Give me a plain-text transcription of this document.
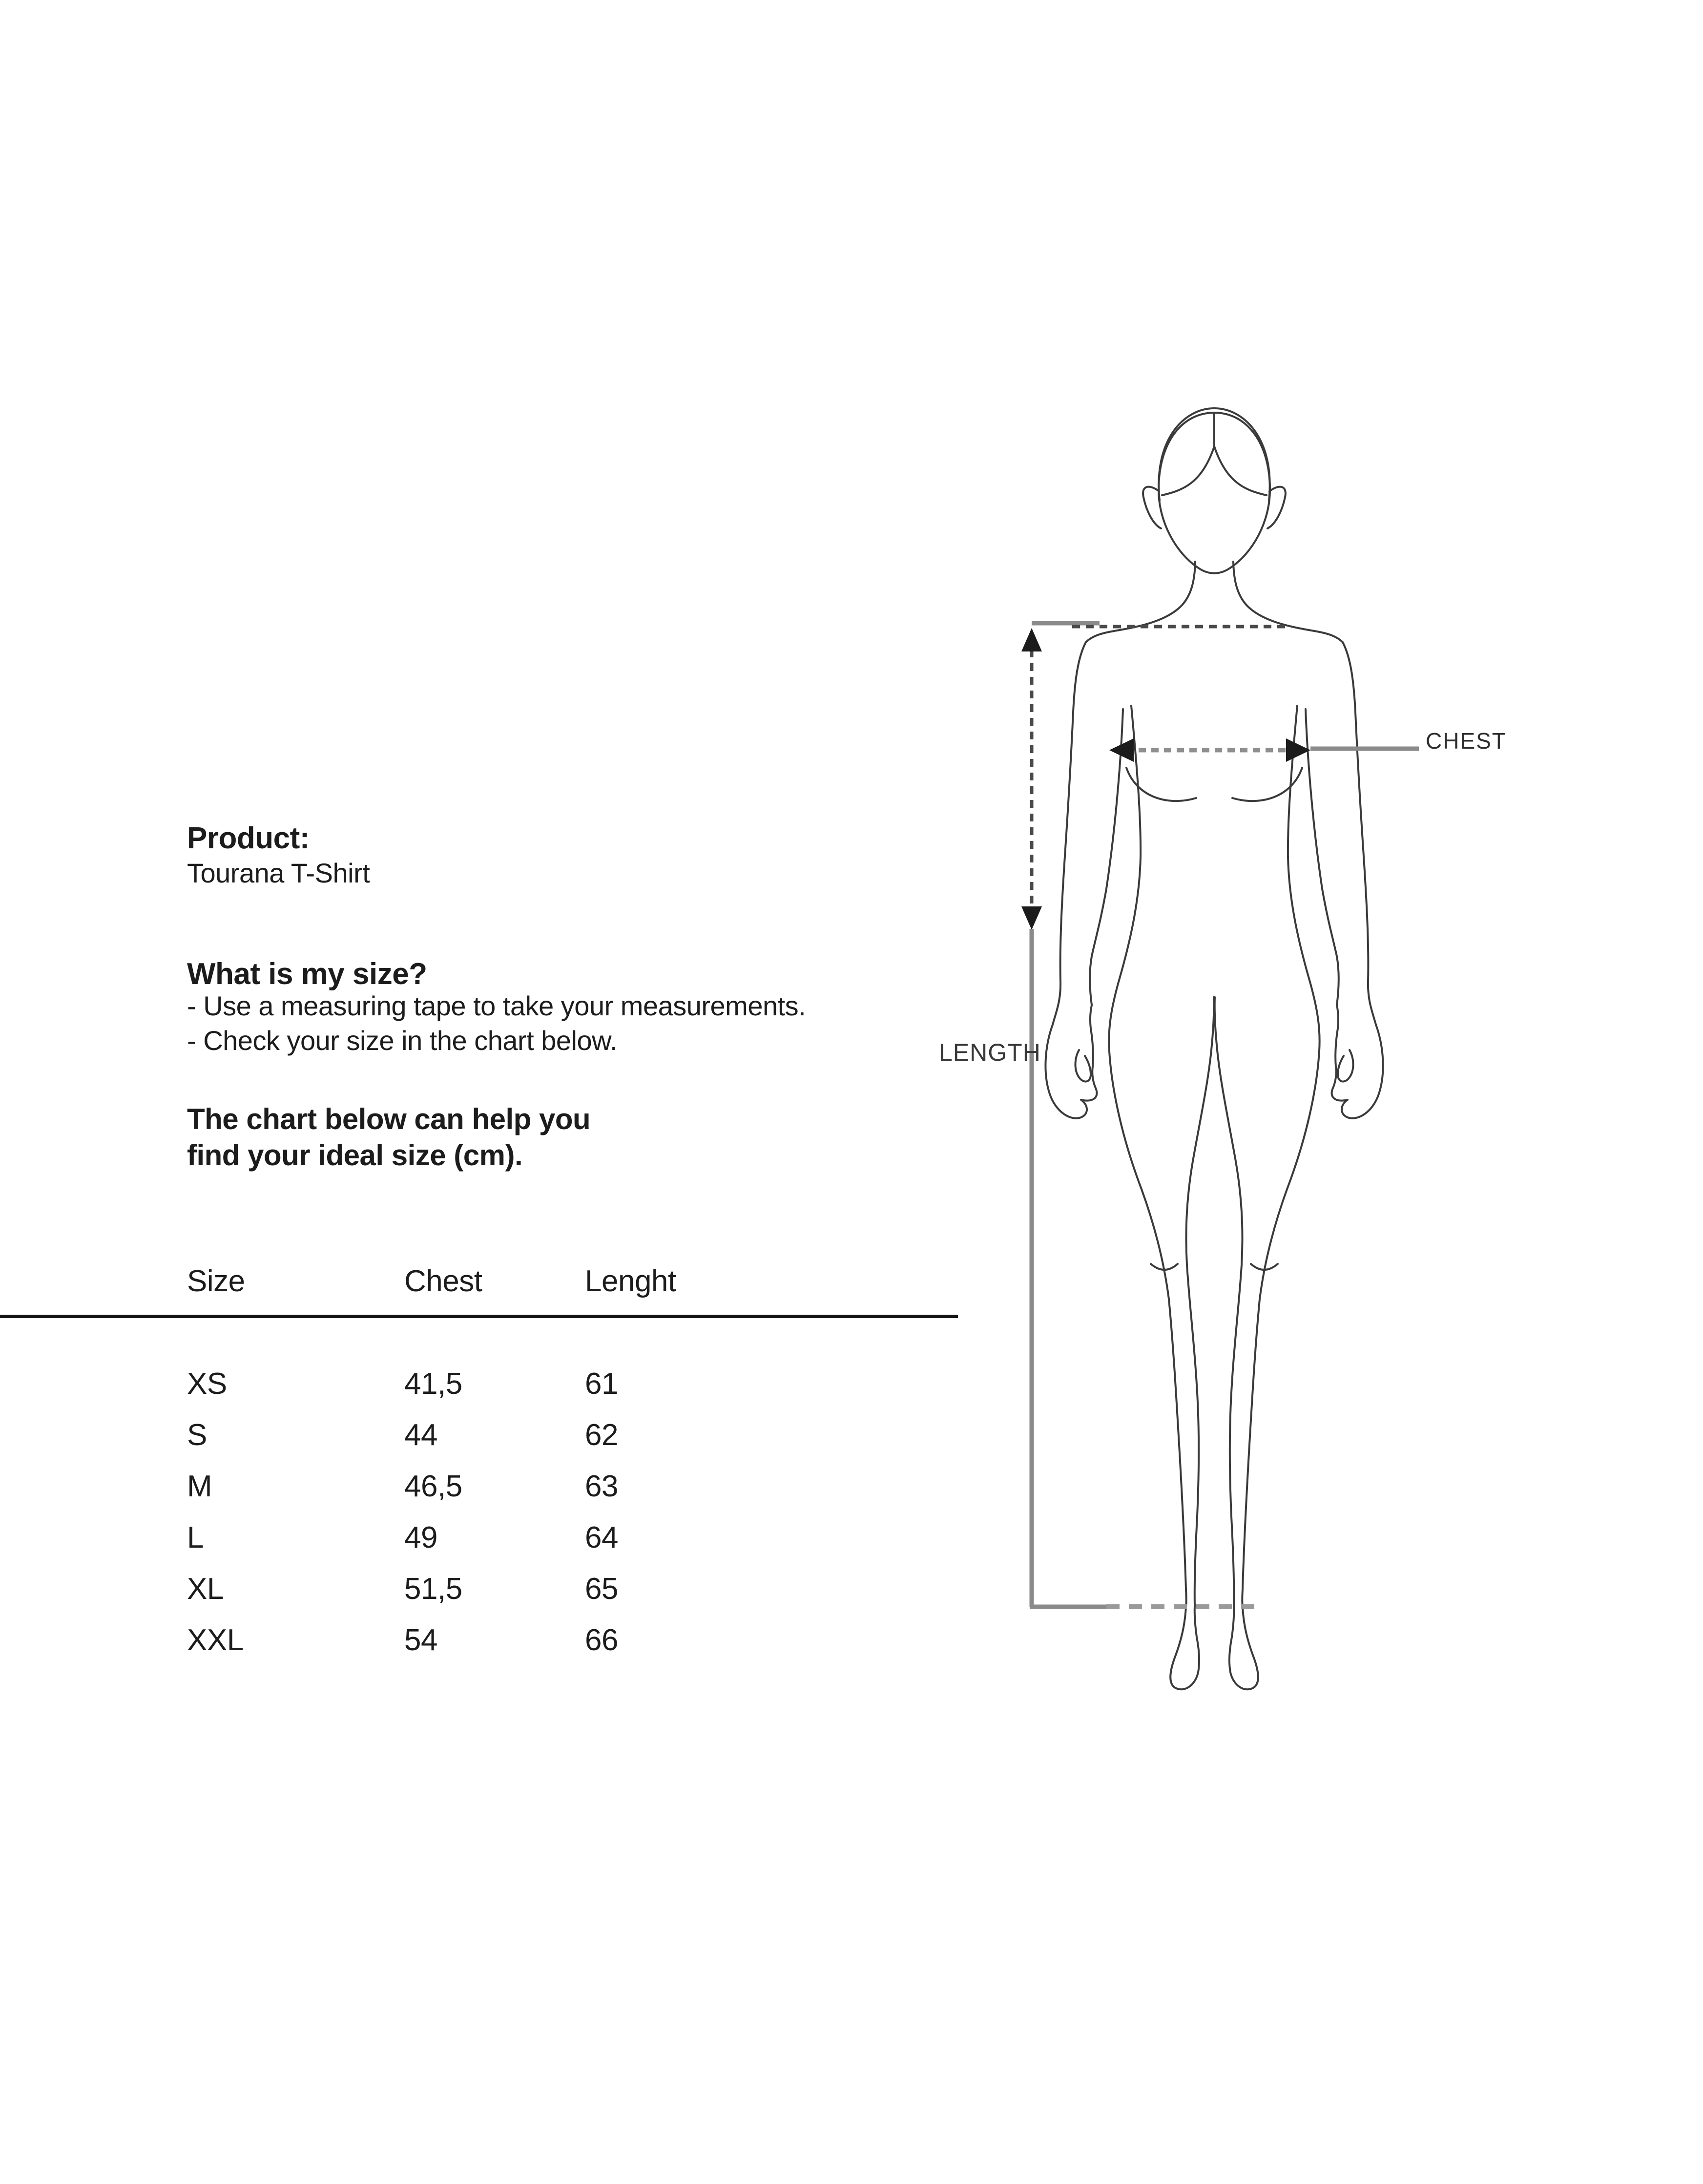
Product:
Tourana T-Shirt
What is my size?
- Use a measuring tape to take your measurements.
- Check your size in the chart below.
The chart below can help you
find your ideal size (cm).
Size	Chest	Lenght
XS	41,5	61
S	44	62
M	46,5	63
L	49	64
XL	51,5	65
XXL	54	66
CHEST
LENGTH
